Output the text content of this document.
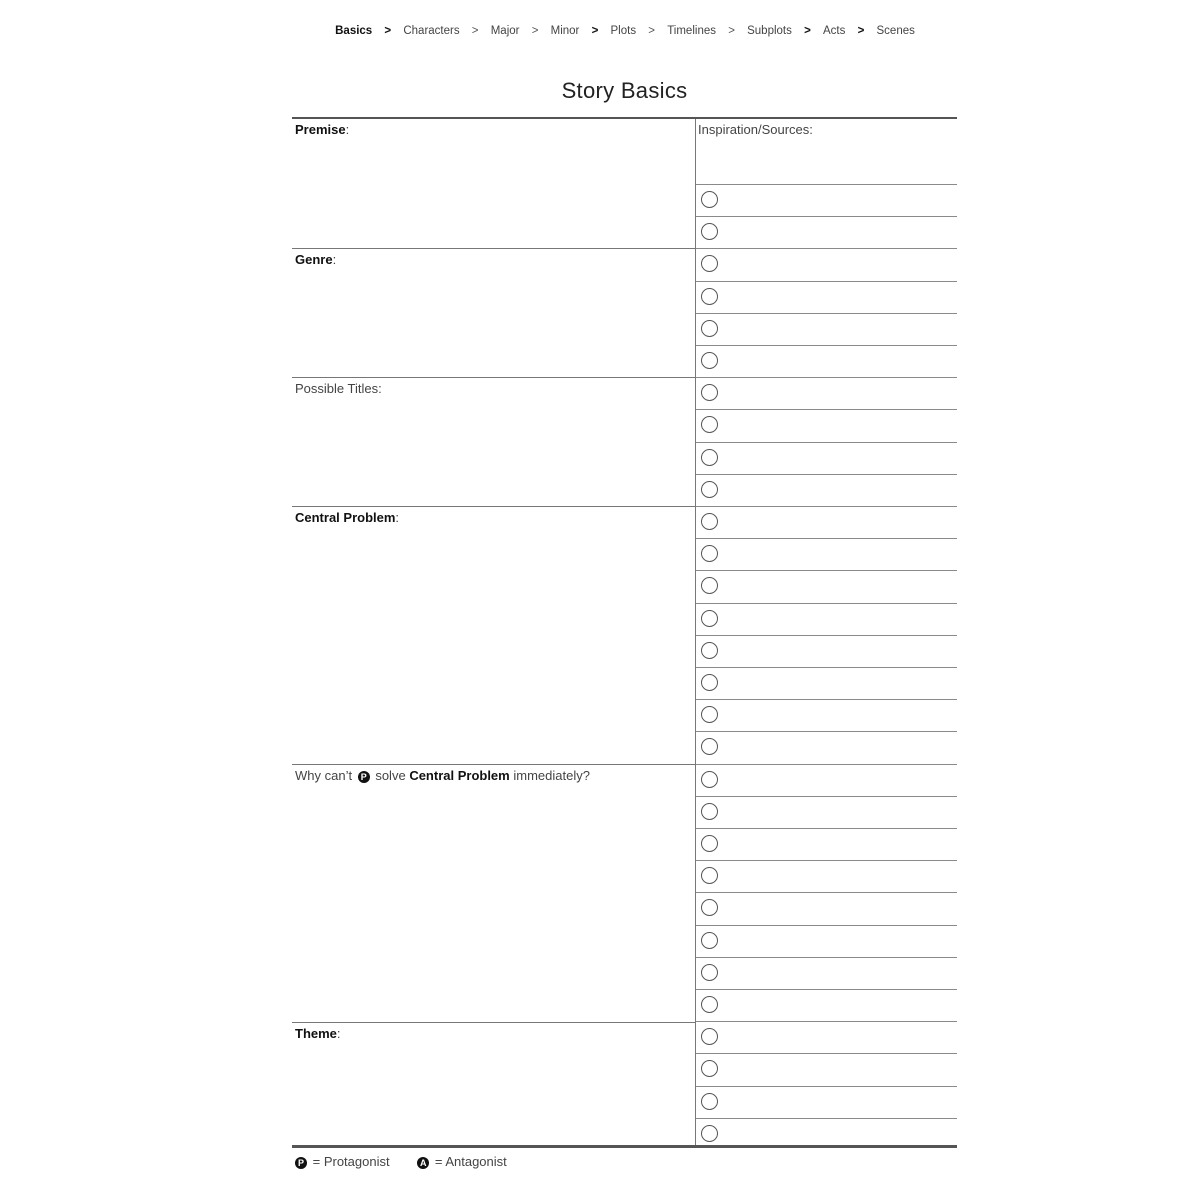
Basics > Characters > Major > Minor > Plots > Timelines > Subplots > Acts > Scenes
Story Basics
Premise:
Genre:
Possible Titles:
Central Problem:
Why can’t P solve Central Problem immediately?
Theme:
Inspiration/Sources:
P = Protagonist	A = Antagonist
